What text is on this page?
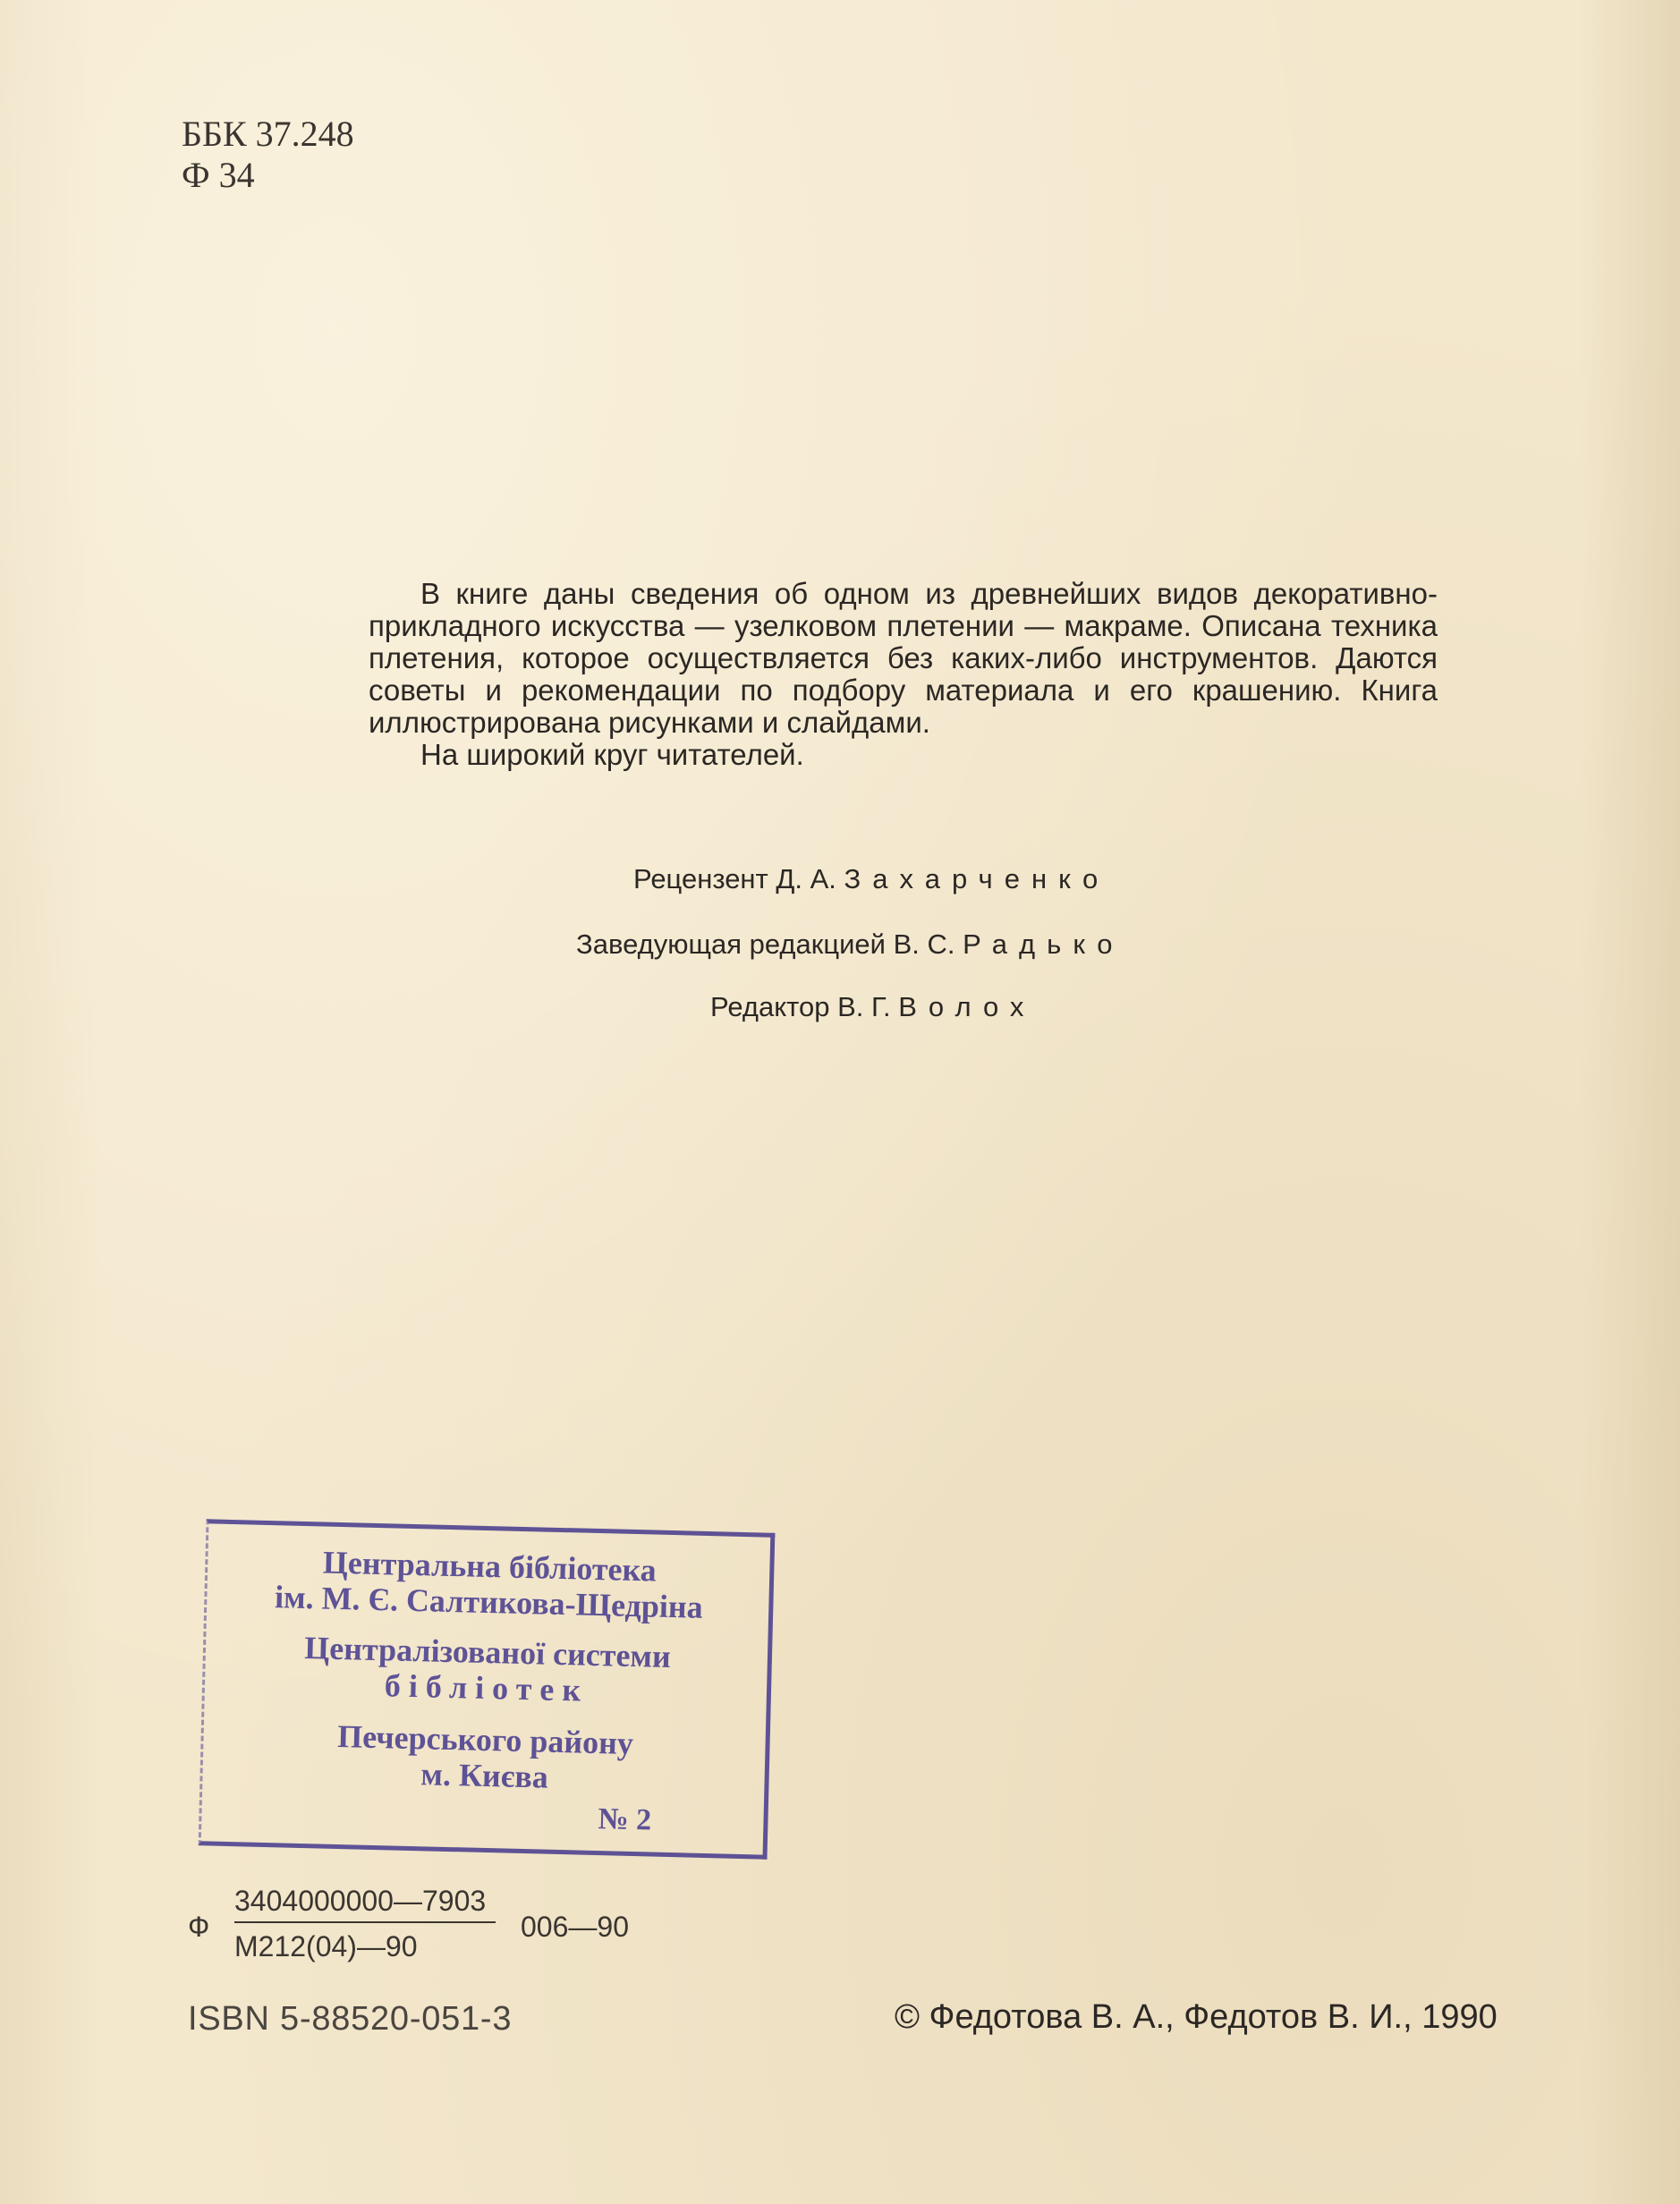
ББК 37.248
Ф 34

В книге даны сведения об одном из древнейших видов декоративно-прикладного искусства — узелковом плетении — макраме. Описана техника плетения, которое осуществляется без каких-либо инструментов. Даются советы и рекомендации по подбору материала и его крашению. Книга иллюстрирована рисунками и слайдами.

На широкий круг читателей.

Рецензент Д. А. Захарченко
Заведующая редакцией В. С. Радько
Редактор В. Г. Волох
Центральна бібліотека
ім. М. Є. Салтикова-Щедріна
Централізованої системи
бібліотек
Печерського району
м. Києва
№ 2
Ф
3404000000—7903
М212(04)—90
006—90
ISBN 5-88520-051-3	© Федотова В. А., Федотов В. И., 1990
